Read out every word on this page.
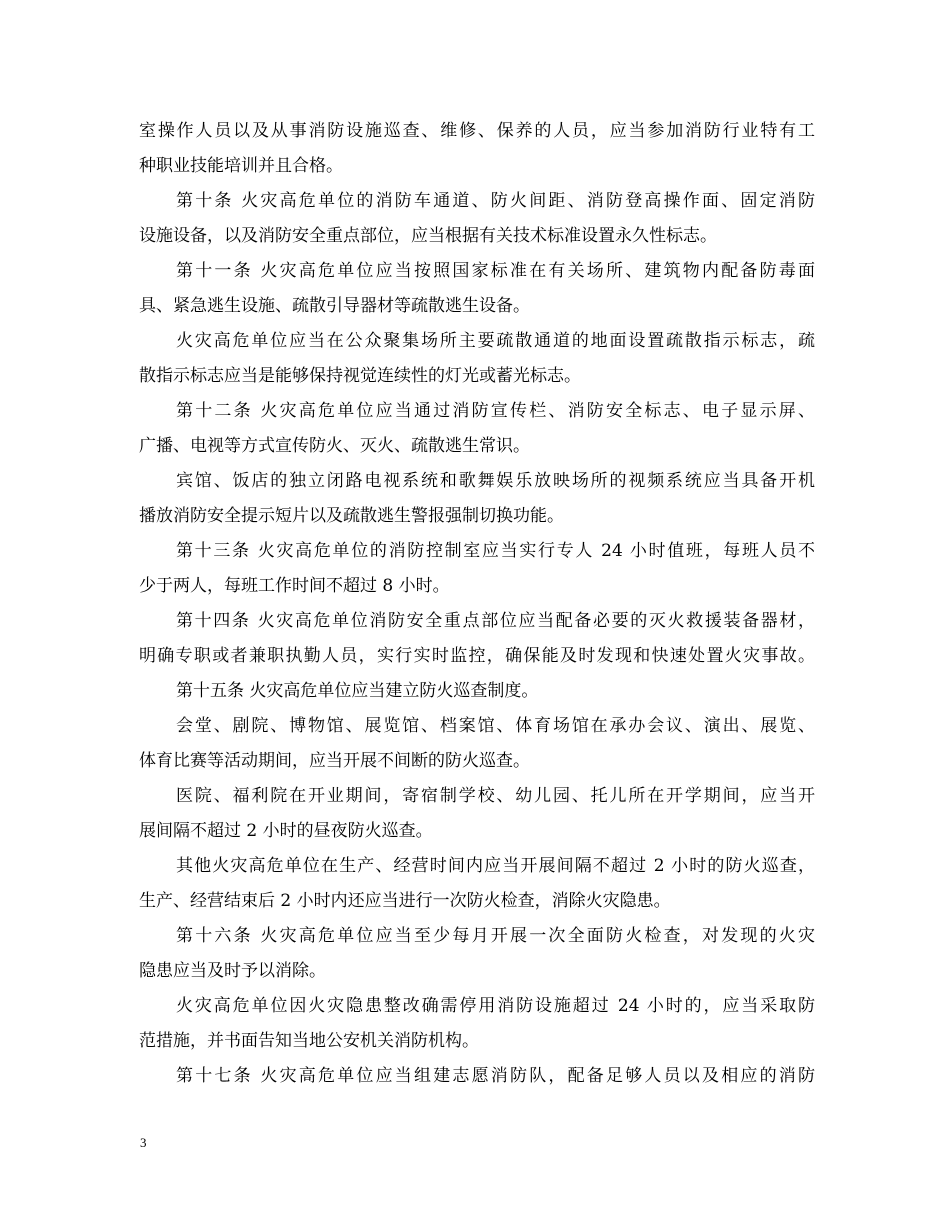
室操作人员以及从事消防设施巡查、维修、保养的人员，应当参加消防行业特有工
种职业技能培训并且合格。
第十条 火灾高危单位的消防车通道、防火间距、消防登高操作面、固定消防
设施设备，以及消防安全重点部位，应当根据有关技术标准设置永久性标志。
第十一条 火灾高危单位应当按照国家标准在有关场所、建筑物内配备防毒面
具、紧急逃生设施、疏散引导器材等疏散逃生设备。
火灾高危单位应当在公众聚集场所主要疏散通道的地面设置疏散指示标志，疏
散指示标志应当是能够保持视觉连续性的灯光或蓄光标志。
第十二条 火灾高危单位应当通过消防宣传栏、消防安全标志、电子显示屏、
广播、电视等方式宣传防火、灭火、疏散逃生常识。
宾馆、饭店的独立闭路电视系统和歌舞娱乐放映场所的视频系统应当具备开机
播放消防安全提示短片以及疏散逃生警报强制切换功能。
第十三条 火灾高危单位的消防控制室应当实行专人 24 小时值班，每班人员不
少于两人，每班工作时间不超过 8 小时。
第十四条 火灾高危单位消防安全重点部位应当配备必要的灭火救援装备器材，
明确专职或者兼职执勤人员，实行实时监控，确保能及时发现和快速处置火灾事故。
第十五条 火灾高危单位应当建立防火巡查制度。
会堂、剧院、博物馆、展览馆、档案馆、体育场馆在承办会议、演出、展览、
体育比赛等活动期间，应当开展不间断的防火巡查。
医院、福利院在开业期间，寄宿制学校、幼儿园、托儿所在开学期间，应当开
展间隔不超过 2 小时的昼夜防火巡查。
其他火灾高危单位在生产、经营时间内应当开展间隔不超过 2 小时的防火巡查，
生产、经营结束后 2 小时内还应当进行一次防火检查，消除火灾隐患。
第十六条 火灾高危单位应当至少每月开展一次全面防火检查，对发现的火灾
隐患应当及时予以消除。
火灾高危单位因火灾隐患整改确需停用消防设施超过 24 小时的，应当采取防
范措施，并书面告知当地公安机关消防机构。
第十七条 火灾高危单位应当组建志愿消防队，配备足够人员以及相应的消防
3
